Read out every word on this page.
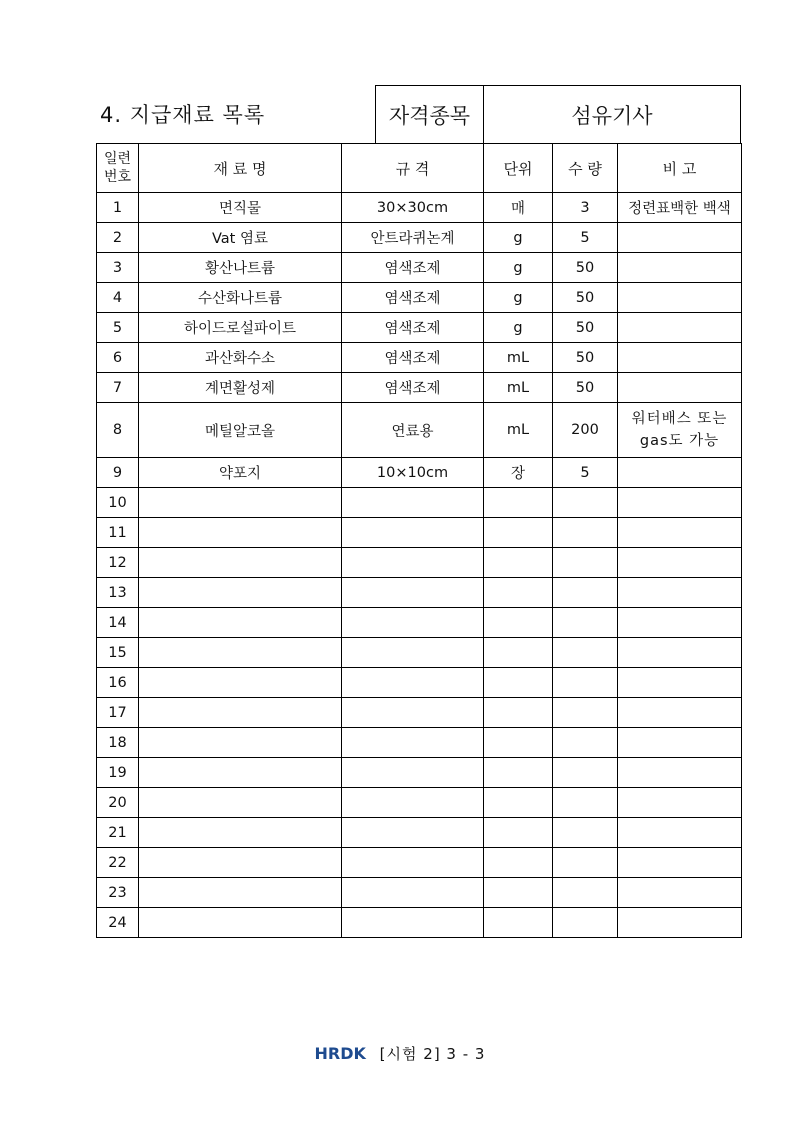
4. 지급재료 목록	자격종목	섬유기사
일련
번호	재 료 명	규 격	단위	수 량	비 고
1	면직물	30×30cm	매	3	정련표백한 백색
2	Vat 염료	안트라퀴논계	g	5	
3	황산나트륨	염색조제	g	50	
4	수산화나트륨	염색조제	g	50	
5	하이드로설파이트	염색조제	g	50	
6	과산화수소	염색조제	mL	50	
7	계면활성제	염색조제	mL	50	
8	메틸알코올	연료용	mL	200	워터배스 또는
gas도 가능
9	약포지	10×10cm	장	5	
10					
11					
12					
13					
14					
15					
16					
17					
18					
19					
20					
21					
22					
23					
24					
HRDK [시험 2] 3 - 3
